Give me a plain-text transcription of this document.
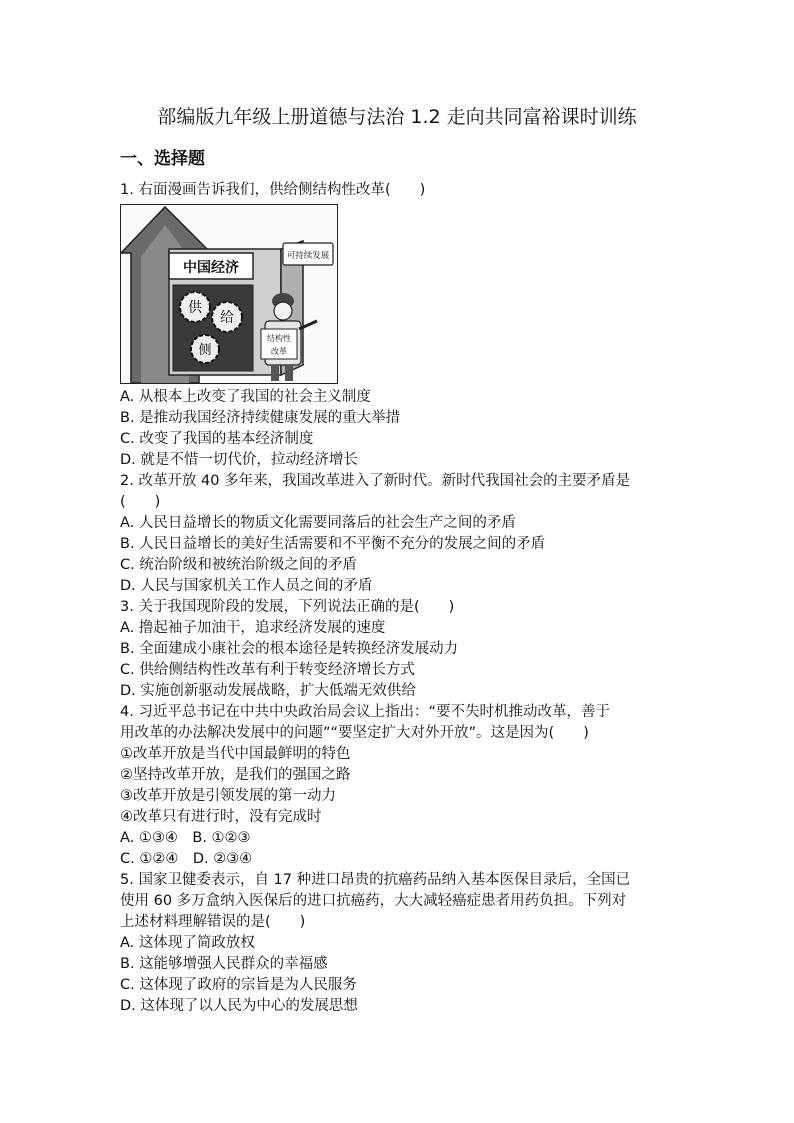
部编版九年级上册道德与法治 1.2 走向共同富裕课时训练
一、选择题
1. 右面漫画告诉我们，供给侧结构性改革(　　)
中国经济
供
给
侧
可持续发展
结构性
改革
A. 从根本上改变了我国的社会主义制度
B. 是推动我国经济持续健康发展的重大举措
C. 改变了我国的基本经济制度
D. 就是不惜一切代价，拉动经济增长
2. 改革开放 40 多年来，我国改革进入了新时代。新时代我国社会的主要矛盾是
(　　)
A. 人民日益增长的物质文化需要同落后的社会生产之间的矛盾
B. 人民日益增长的美好生活需要和不平衡不充分的发展之间的矛盾
C. 统治阶级和被统治阶级之间的矛盾
D. 人民与国家机关工作人员之间的矛盾
3. 关于我国现阶段的发展，下列说法正确的是(　　)
A. 撸起袖子加油干，追求经济发展的速度
B. 全面建成小康社会的根本途径是转换经济发展动力
C. 供给侧结构性改革有利于转变经济增长方式
D. 实施创新驱动发展战略，扩大低端无效供给
4. 习近平总书记在中共中央政治局会议上指出：“要不失时机推动改革，善于
用改革的办法解决发展中的问题”“要坚定扩大对外开放”。这是因为(　　)
①改革开放是当代中国最鲜明的特色
②坚持改革开放，是我们的强国之路
③改革开放是引领发展的第一动力
④改革只有进行时，没有完成时
A. ①③④　B. ①②③
C. ①②④　D. ②③④
5. 国家卫健委表示，自 17 种进口昂贵的抗癌药品纳入基本医保目录后，全国已
使用 60 多万盒纳入医保后的进口抗癌药，大大减轻癌症患者用药负担。下列对
上述材料理解错误的是(　　)
A. 这体现了简政放权
B. 这能够增强人民群众的幸福感
C. 这体现了政府的宗旨是为人民服务
D. 这体现了以人民为中心的发展思想
